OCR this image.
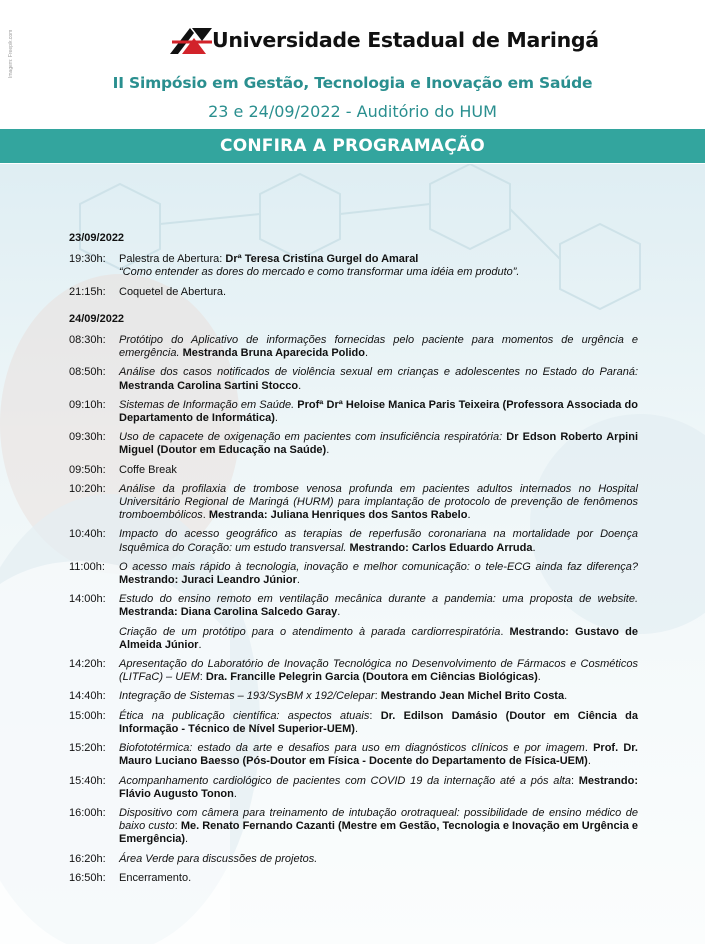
Imagem: Freepik.com	Universidade Estadual de Maringá
II Simpósio em Gestão, Tecnologia e Inovação em Saúde
23 e 24/09/2022 - Auditório do HUM
CONFIRA A PROGRAMAÇÃO
23/09/2022
19:30h:	Palestra de Abertura: Drª Teresa Cristina Gurgel do Amaral
“Como entender as dores do mercado e como transformar uma idéia em produto”.
21:15h:	Coquetel de Abertura.
24/09/2022
08:30h:	Protótipo do Aplicativo de informações fornecidas pelo paciente para momentos de urgência e emergência. Mestranda Bruna Aparecida Polido.
08:50h:	Análise dos casos notificados de violência sexual em crianças e adolescentes no Estado do Paraná: Mestranda Carolina Sartini Stocco.
09:10h:	Sistemas de Informação em Saúde. Profª Drª Heloise Manica Paris Teixeira (Professora Associada do Departamento de Informática).
09:30h:	Uso de capacete de oxigenação em pacientes com insuficiência respiratória: Dr Edson Roberto Arpini Miguel (Doutor em Educação na Saúde).
09:50h:	Coffe Break
10:20h:	Análise da profilaxia de trombose venosa profunda em pacientes adultos internados no Hospital Universitário Regional de Maringá (HURM) para implantação de protocolo de prevenção de fenômenos tromboembólicos. Mestranda: Juliana Henriques dos Santos Rabelo.
10:40h:	Impacto do acesso geográfico as terapias de reperfusão coronariana na mortalidade por Doença Isquêmica do Coração: um estudo transversal. Mestrando: Carlos Eduardo Arruda.
11:00h:	O acesso mais rápido à tecnologia, inovação e melhor comunicação: o tele-ECG ainda faz diferença? Mestrando: Juraci Leandro Júnior.
14:00h:	Estudo do ensino remoto em ventilação mecânica durante a pandemia: uma proposta de website. Mestranda: Diana Carolina Salcedo Garay.
Criação de um protótipo para o atendimento à parada cardiorrespiratória. Mestrando: Gustavo de Almeida Júnior.
14:20h:	Apresentação do Laboratório de Inovação Tecnológica no Desenvolvimento de Fármacos e Cosméticos (LITFaC) – UEM: Dra. Francille Pelegrin Garcia (Doutora em Ciências Biológicas).
14:40h:	Integração de Sistemas – 193/SysBM x 192/Celepar: Mestrando Jean Michel Brito Costa.
15:00h:	Ética na publicação científica: aspectos atuais: Dr. Edilson Damásio (Doutor em Ciência da Informação - Técnico de Nível Superior-UEM).
15:20h:	Biofototérmica: estado da arte e desafios para uso em diagnósticos clínicos e por imagem. Prof. Dr. Mauro Luciano Baesso (Pós-Doutor em Física - Docente do Departamento de Física-UEM).
15:40h:	Acompanhamento cardiológico de pacientes com COVID 19 da internação até a pós alta: Mestrando: Flávio Augusto Tonon.
16:00h:	Dispositivo com câmera para treinamento de intubação orotraqueal: possibilidade de ensino médico de baixo custo: Me. Renato Fernando Cazanti (Mestre em Gestão, Tecnologia e Inovação em Urgência e Emergência).
16:20h:	Área Verde para discussões de projetos.
16:50h:	Encerramento.
